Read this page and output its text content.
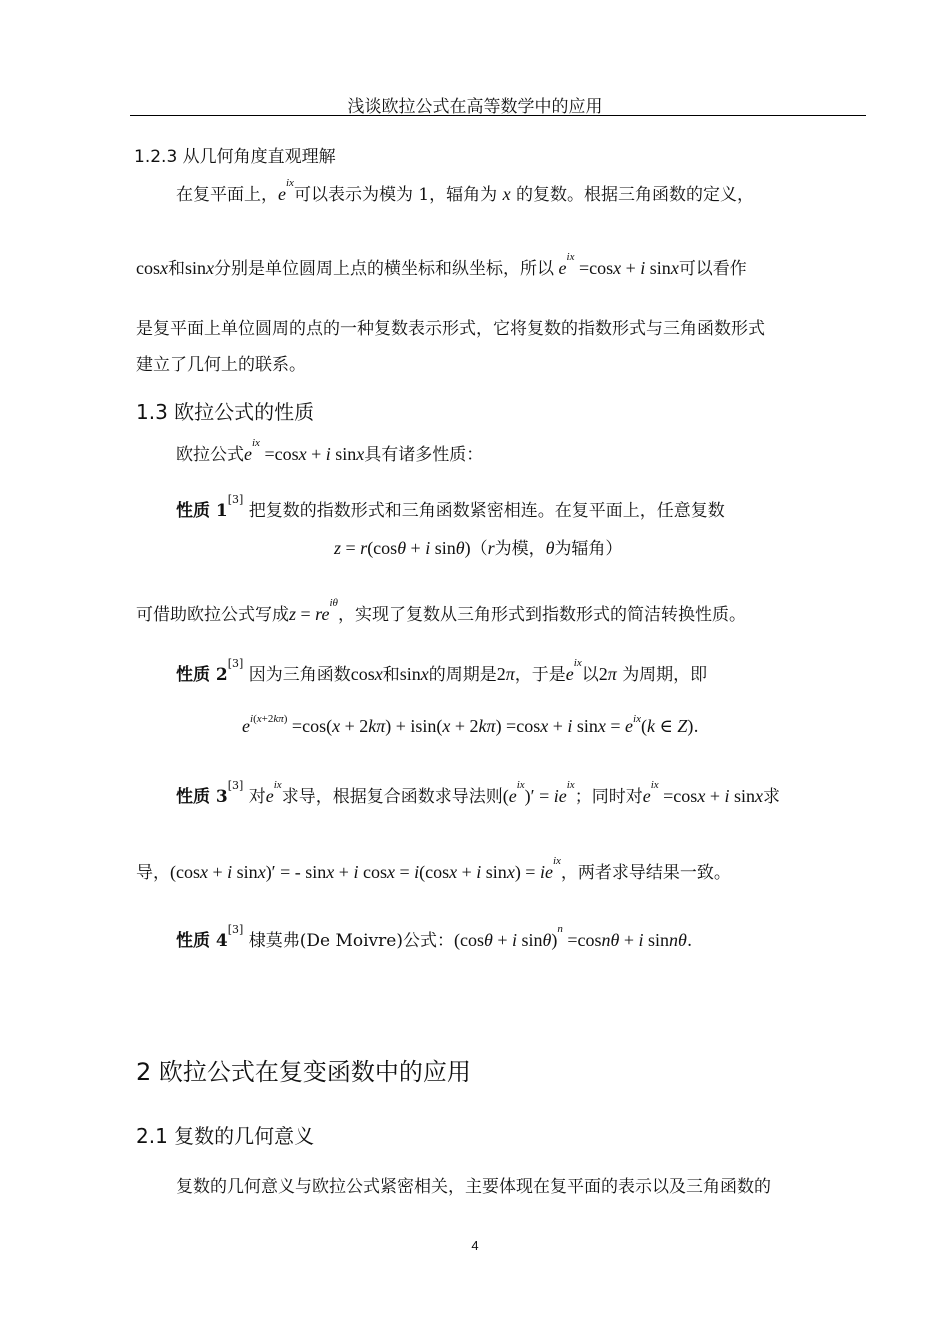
浅谈欧拉公式在高等数学中的应用
1.2.3 从几何角度直观理解
在复平面上，$e^{ix}$可以表示为模为 1，辐角为 x 的复数。根据三角函数的定义，
cosx和sinx分别是单位圆周上点的横坐标和纵坐标，所以 $e^{ix} =\cos x + i$ sinx可以看作
是复平面上单位圆周的点的一种复数表示形式，它将复数的指数形式与三角函数形式
建立了几何上的联系。
1.3 欧拉公式的性质
欧拉公式$e^{ix} =\cos x + i$ sinx具有诸多性质：
性质 1[3] 把复数的指数形式和三角函数紧密相连。在复平面上，任意复数
z = r(cosθ + i sinθ)（r为模，θ为辐角）
可借助欧拉公式写成$z = re^{i\theta}$，实现了复数从三角形式到指数形式的简洁转换性质。
性质 2[3] 因为三角函数cosx和sinx的周期是2π，于是$e^{ix}$以2π 为周期，即
$e^{i(x+2k\pi)} =\cos(x + 2k\pi) + isin(x + 2k\pi) =\cos x + i$ $\sin x = e^{ix}(k$ ∈ Z).
性质 3[3] 对$e^{ix}$求导，根据复合函数求导法则$(e^{ix})' = ie^{ix}$；同时对$e^{ix} =\cos x + i$ sinx求
导，(cosx + i sinx)′ = - sinx + i cosx = i(cosx + i $\sin x) = ie^{ix}$，两者求导结果一致。
性质 4[3] 棣莫弗(De Moivre)公式：(cosθ + i sinθ)$^n$ =cosnθ + i sinnθ.
2 欧拉公式在复变函数中的应用
2.1 复数的几何意义
复数的几何意义与欧拉公式紧密相关，主要体现在复平面的表示以及三角函数的
4
